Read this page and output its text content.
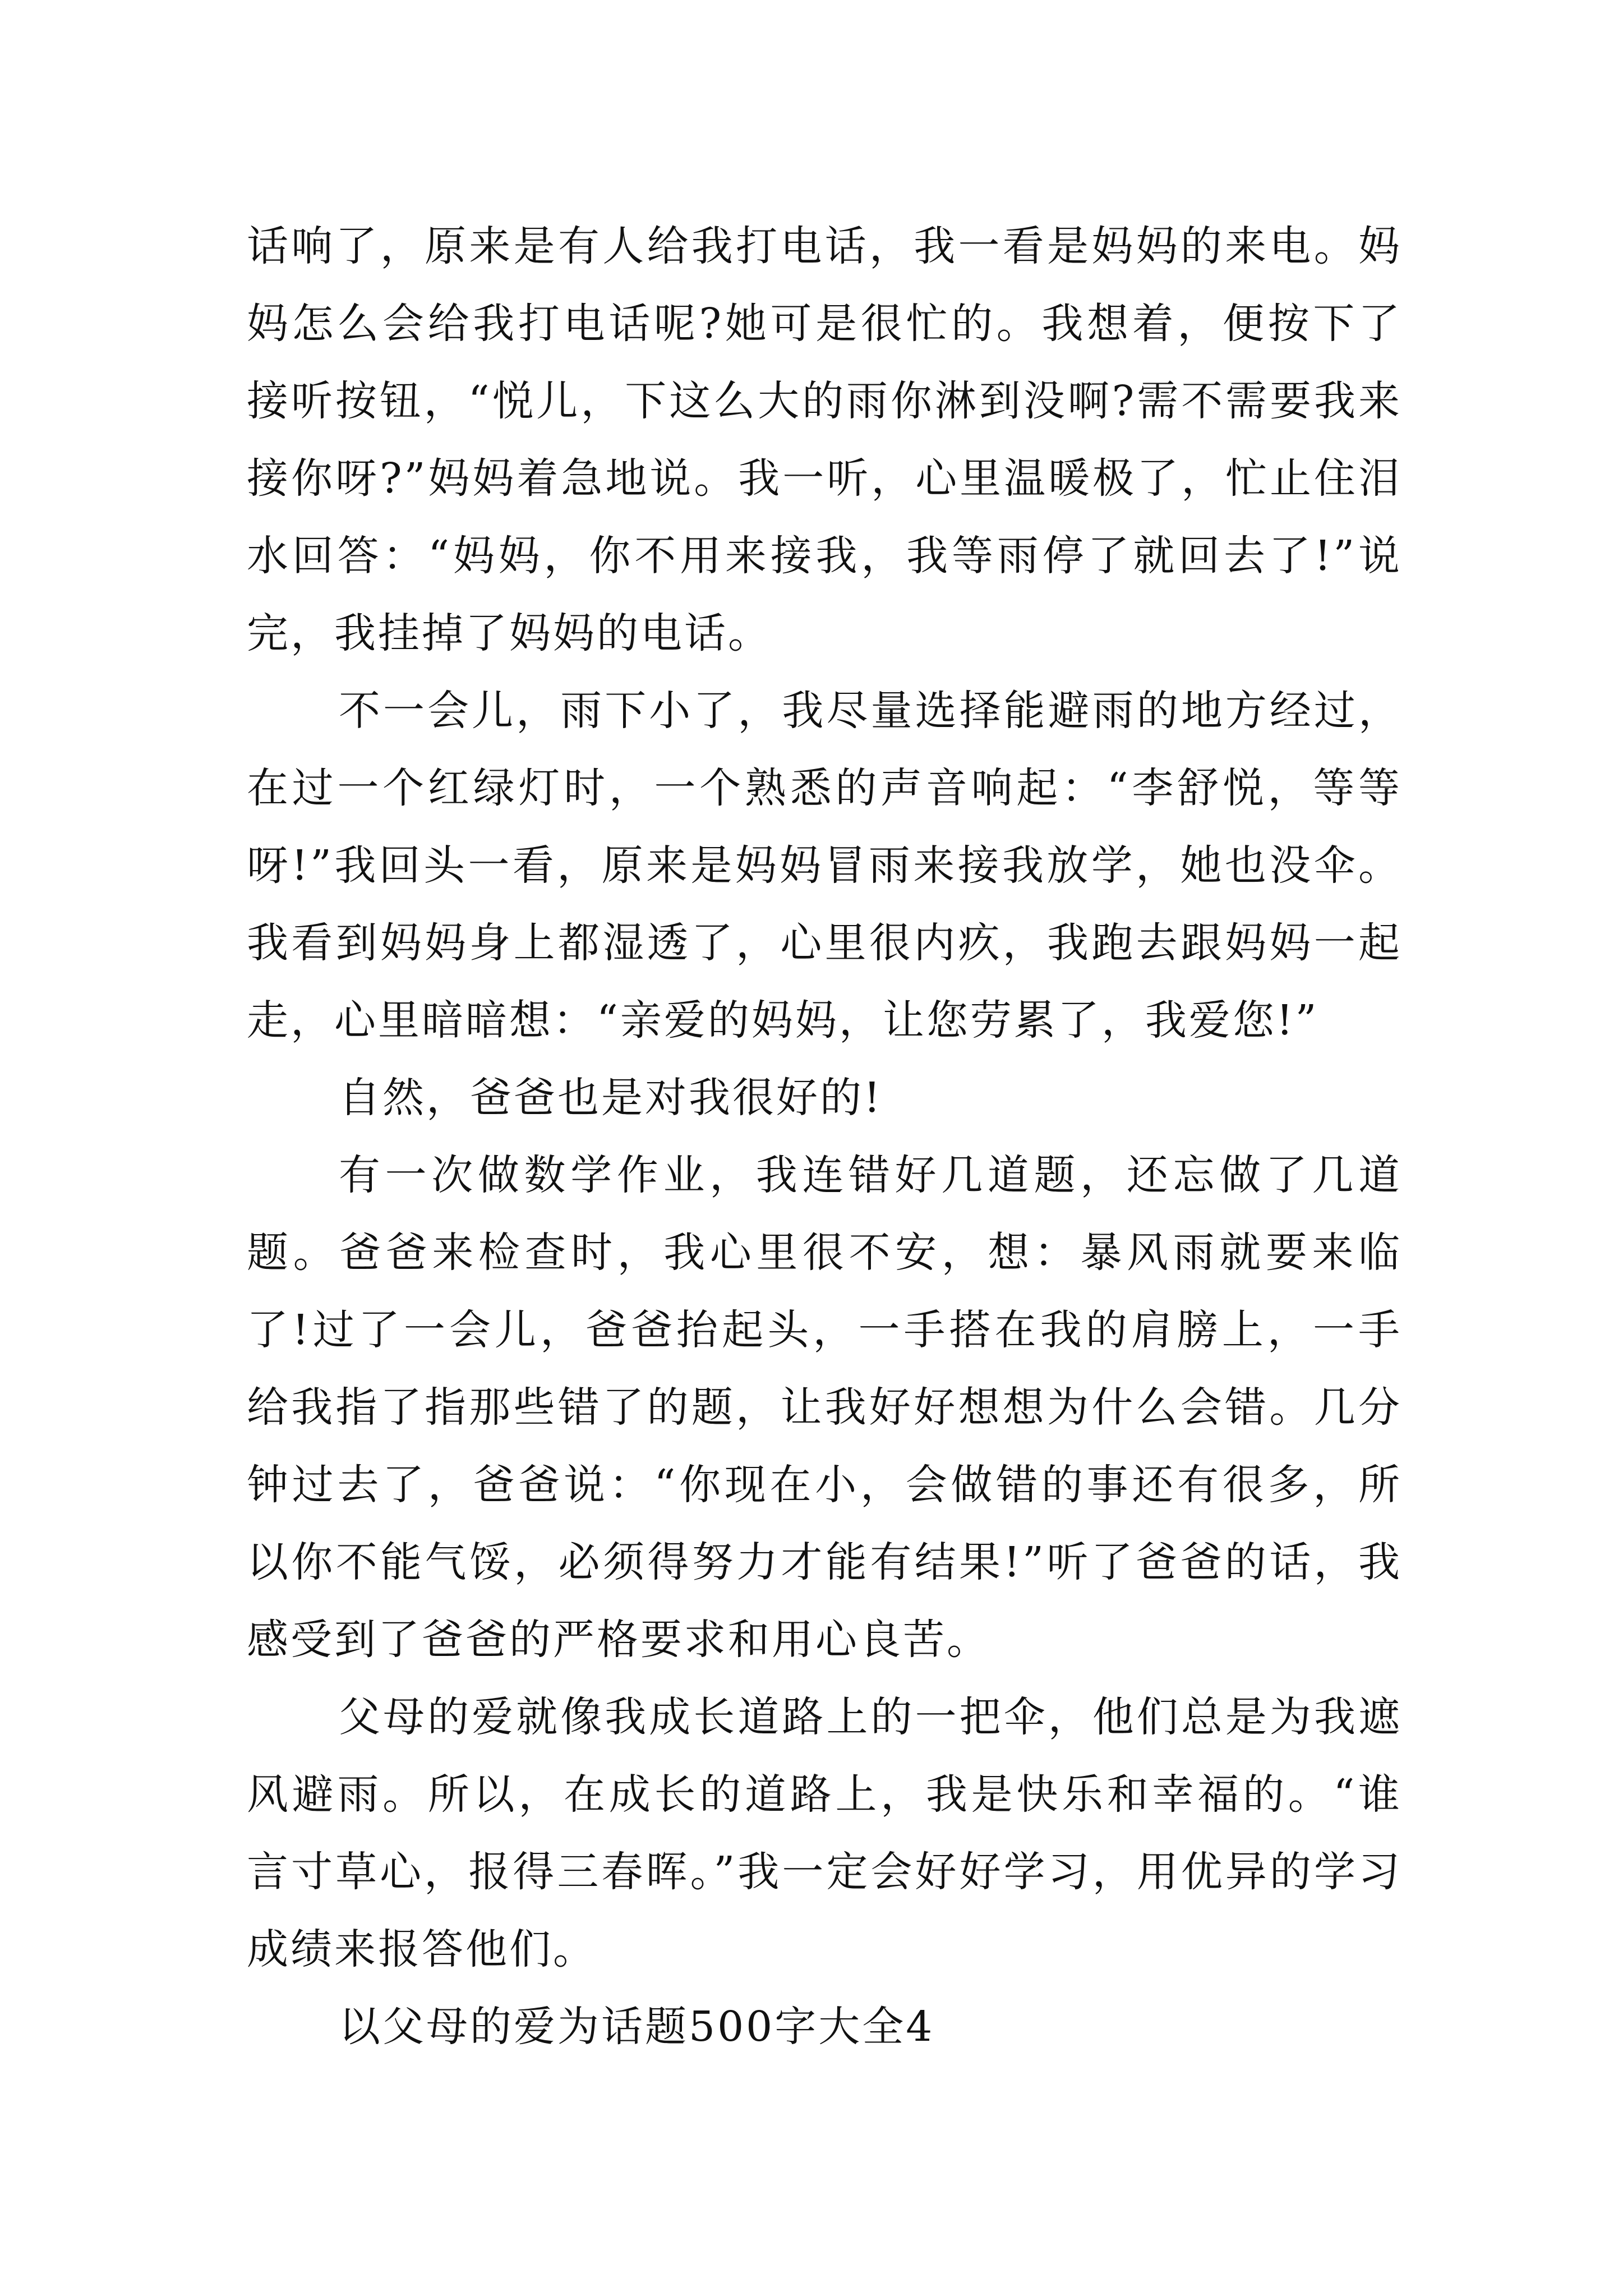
话响了，原来是有人给我打电话，我一看是妈妈的来电。妈妈怎么会给我打电话呢?她可是很忙的。我想着，便按下了接听按钮，“悦儿，下这么大的雨你淋到没啊?需不需要我来接你呀?”妈妈着急地说。我一听，心里温暖极了，忙止住泪水回答：“妈妈，你不用来接我，我等雨停了就回去了!”说完，我挂掉了妈妈的电话。

不一会儿，雨下小了，我尽量选择能避雨的地方经过，在过一个红绿灯时，一个熟悉的声音响起：“李舒悦，等等呀!”我回头一看，原来是妈妈冒雨来接我放学，她也没伞。我看到妈妈身上都湿透了，心里很内疚，我跑去跟妈妈一起走，心里暗暗想：“亲爱的妈妈，让您劳累了，我爱您!”

自然，爸爸也是对我很好的!

有一次做数学作业，我连错好几道题，还忘做了几道题。爸爸来检查时，我心里很不安，想：暴风雨就要来临了!过了一会儿，爸爸抬起头，一手搭在我的肩膀上，一手给我指了指那些错了的题，让我好好想想为什么会错。几分钟过去了，爸爸说：“你现在小，会做错的事还有很多，所以你不能气馁，必须得努力才能有结果!”听了爸爸的话，我感受到了爸爸的严格要求和用心良苦。

父母的爱就像我成长道路上的一把伞，他们总是为我遮风避雨。所以，在成长的道路上，我是快乐和幸福的。“谁言寸草心，报得三春晖。”我一定会好好学习，用优异的学习成绩来报答他们。

以父母的爱为话题500字大全4
